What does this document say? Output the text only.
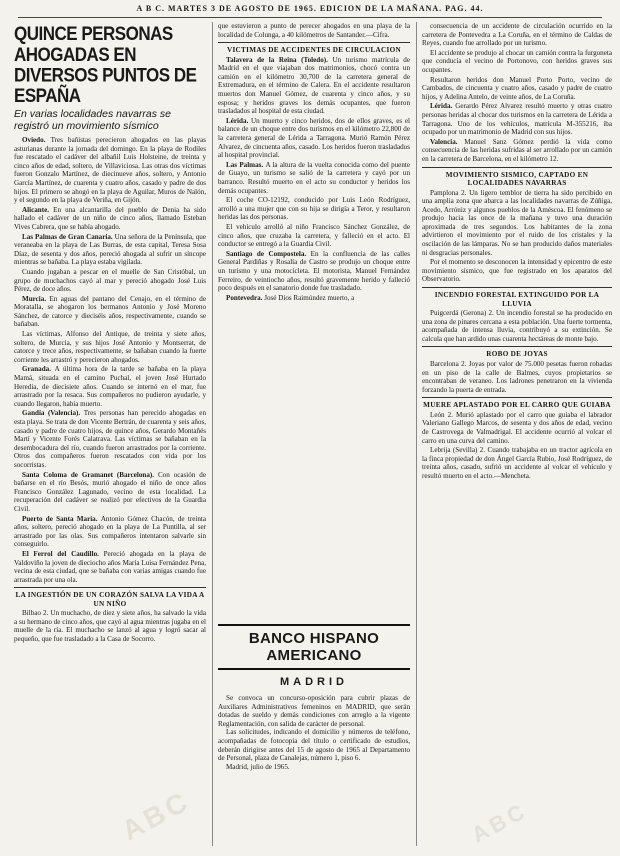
A B C. MARTES 3 DE AGOSTO DE 1965. EDICION DE LA MAÑANA. PAG. 44.
QUINCE PERSONAS AHOGADAS EN DIVERSOS PUNTOS DE ESPAÑA
En varias localidades navarras se registró un movimiento sísmico

Oviedo. Tres bañistas perecieron ahogados en las playas asturianas durante la jornada del domingo. En la playa de Rodiles fue rescatado el cadáver del albañil Luis Holsteine, de treinta y cinco años de edad, soltero, de Villaviciosa. Las otras dos víctimas fueron Gonzalo Martínez, de diecinueve años, soltero, y Antonio García Martínez, de cuarenta y cuatro años, casado y padre de dos hijos. El primero se ahogó en la playa de Aguilar, Muros de Nalón, y el segundo en la playa de Veriña, en Gijón.

Alicante. En una alcantarilla del pueblo de Denia ha sido hallado el cadáver de un niño de cinco años, llamado Esteban Vives Cabrera, que se había ahogado.

Las Palmas de Gran Canaria. Una señora de la Península, que veraneaba en la playa de Las Burras, de esta capital, Teresa Sosa Díaz, de sesenta y dos años, pereció ahogada al sufrir un síncope mientras se bañaba. La playa estaba vigilada.

Cuando jugaban a pescar en el muelle de San Cristóbal, un grupo de muchachos cayó al mar y pereció ahogado José Luis Pérez, de doce años.

Murcia. En aguas del pantano del Cenajo, en el término de Moratalla, se ahogaron los hermanos Antonio y José Moreno Sánchez, de catorce y dieciséis años, respectivamente, cuando se bañaban.

Las víctimas, Alfonso del Antique, de treinta y siete años, soltero, de Murcia, y sus hijos José Antonio y Montserrat, de catorce y trece años, respectivamente, se bañaban cuando la fuerte corriente les arrastró y perecieron ahogados.

Granada. A última hora de la tarde se bañaba en la playa Mamá, situada en el camino Puchal, el joven José Hurtado Heredia, de diecisiete años. Cuando se internó en el mar, fue arrastrado por la resaca. Sus compañeros no pudieron ayudarle, y cuando llegaron, había muerto.

Gandía (Valencia). Tres personas han perecido ahogadas en esta playa. Se trata de don Vicente Bertrán, de cuarenta y seis años, casado y padre de cuatro hijos, de quince años, Gerardo Montañés Martí y Vicente Forés Calatrava. Las víctimas se bañaban en la desembocadura del río, cuando fueron arrastrados por la corriente. Otros dos compañeros fueron rescatados con vida por los socorristas.

Santa Coloma de Gramanet (Barcelona). Con ocasión de bañarse en el río Besós, murió ahogado el niño de once años Francisco González Lagunado, vecino de esta localidad. La recuperación del cadáver se realizó por efectivos de la Guardia Civil.

Puerto de Santa María. Antonio Gómez Chacón, de treinta años, soltero, pereció ahogado en la playa de La Puntilla, al ser arrastrado por las olas. Sus compañeros intentaron salvarle sin conseguirlo.

El Ferrol del Caudillo. Pereció ahogada en la playa de Valdoviño la joven de dieciocho años María Luisa Fernández Pena, vecina de esta ciudad, que se bañaba con varias amigas cuando fue arrastrada por una ola.

LA INGESTIÓN DE UN CORAZÓN SALVA LA VIDA A UN NIÑO

Bilbao 2. Un muchacho, de diez y siete años, ha salvado la vida a su hermano de cinco años, que cayó al agua mientras jugaba en el muelle de la ría. El muchacho se lanzó al agua y logró sacar al pequeño, que fue trasladado a la Casa de Socorro.

que estuvieron a punto de perecer ahogados en una playa de la localidad de Colunga, a 40 kilómetros de Santander.—Cifra.

VICTIMAS DE ACCIDENTES DE CIRCULACION

Talavera de la Reina (Toledo). Un turismo matrícula de Madrid en el que viajaban dos matrimonios, chocó contra un camión en el kilómetro 30,700 de la carretera general de Extremadura, en el término de Calera. En el accidente resultaron muertos don Manuel Gómez, de cuarenta y cinco años, y su esposa; y heridos graves los demás ocupantes, que fueron trasladados al hospital de esta ciudad.

Lérida. Un muerto y cinco heridos, dos de ellos graves, es el balance de un choque entre dos turismos en el kilómetro 22,800 de la carretera general de Lérida a Tarragona. Murió Ramón Pérez Alvarez, de cincuenta años, casado. Los heridos fueron trasladados al hospital provincial.

Las Palmas. A la altura de la vuelta conocida como del puente de Guayo, un turismo se salió de la carretera y cayó por un barranco. Resultó muerto en el acto su conductor y heridos los demás ocupantes.

El coche CO-12192, conducido por Luis León Rodríguez, arrolló a una mujer que con su hija se dirigía a Teror, y resultaron heridas las dos personas.

El vehículo arrolló al niño Francisco Sánchez González, de cinco años, que cruzaba la carretera, y falleció en el acto. El conductor se entregó a la Guardia Civil.

Santiago de Compostela. En la confluencia de las calles General Pardiñas y Rosalía de Castro se produjo un choque entre un turismo y una motocicleta. El motorista, Manuel Fernández Ferreiro, de veintiocho años, resultó gravemente herido y falleció poco después en el sanatorio donde fue trasladado.

Pontevedra. José Dios Raimúndez muerto, a

BANCO HISPANO AMERICANO
MADRID

Se convoca un concurso-oposición para cubrir plazas de Auxiliares Administrativos femeninos en MADRID, que serán dotadas de sueldo y demás condiciones con arreglo a la vigente Reglamentación, con salida de carácter de personal.

Las solicitudes, indicando el domicilio y números de teléfono, acompañadas de fotocopia del título o certificado de estudios, deberán dirigirse antes del 15 de agosto de 1965 al Departamento de Personal, plaza de Canalejas, número 1, piso 6.

Madrid, julio de 1965.

consecuencia de un accidente de circulación ocurrido en la carretera de Pontevedra a La Coruña, en el término de Caldas de Reyes, cuando fue arrollado por un turismo.

El accidente se produjo al chocar un camión contra la furgoneta que conducía el vecino de Portonovo, con heridos graves sus ocupantes.

Resultaron heridos don Manuel Porto Porto, vecino de Cambados, de cincuenta y cuatro años, casado y padre de cuatro hijos, y Adelina Antelo, de veinte años, de La Coruña.

Lérida. Gerardo Pérez Alvarez resultó muerto y otras cuatro personas heridas al chocar dos turismos en la carretera de Lérida a Tarragona. Uno de los vehículos, matrícula M-355216, iba ocupado por un matrimonio de Madrid con sus hijos.

Valencia. Manuel Sanz Gómez perdió la vida como consecuencia de las heridas sufridas al ser arrollado por un camión en la carretera de Barcelona, en el kilómetro 12.

MOVIMIENTO SISMICO, CAPTADO EN LOCALIDADES NAVARRAS

Pamplona 2. Un ligero temblor de tierra ha sido percibido en una amplia zona que abarca a las localidades navarras de Zúñiga, Acedo, Arróniz y algunos pueblos de la Améscoa. El fenómeno se produjo hacia las once de la mañana y tuvo una duración aproximada de tres segundos. Los habitantes de la zona advirtieron el movimiento por el ruido de los cristales y la oscilación de las lámparas. No se han producido daños materiales ni desgracias personales.

Por el momento se desconocen la intensidad y epicentro de este movimiento sísmico, que fue registrado en los aparatos del Observatorio.

INCENDIO FORESTAL EXTINGUIDO POR LA LLUVIA

Puigcerdá (Gerona) 2. Un incendio forestal se ha producido en una zona de pinares cercana a esta población. Una fuerte tormenta, acompañada de intensa lluvia, contribuyó a su extinción. Se calcula que han ardido unas cuarenta hectáreas de monte bajo.

ROBO DE JOYAS

Barcelona 2. Joyas por valor de 75.000 pesetas fueron robadas en un piso de la calle de Balmes, cuyos propietarios se encontraban de veraneo. Los ladrones penetraron en la vivienda forzando la puerta de entrada.

MUERE APLASTADO POR EL CARRO QUE GUIABA

León 2. Murió aplastado por el carro que guiaba el labrador Valeriano Gallego Marcos, de sesenta y dos años de edad, vecino de Castrovega de Valmadrigal. El accidente ocurrió al volcar el carro en una curva del camino.

Lebrija (Sevilla) 2. Cuando trabajaba en un tractor agrícola en la finca propiedad de don Ángel García Rubio, José Rodríguez, de treinta años, casado, sufrió un accidente al volcar el vehículo y resultó muerto en el acto.—Mencheta.

ABC	ABC
